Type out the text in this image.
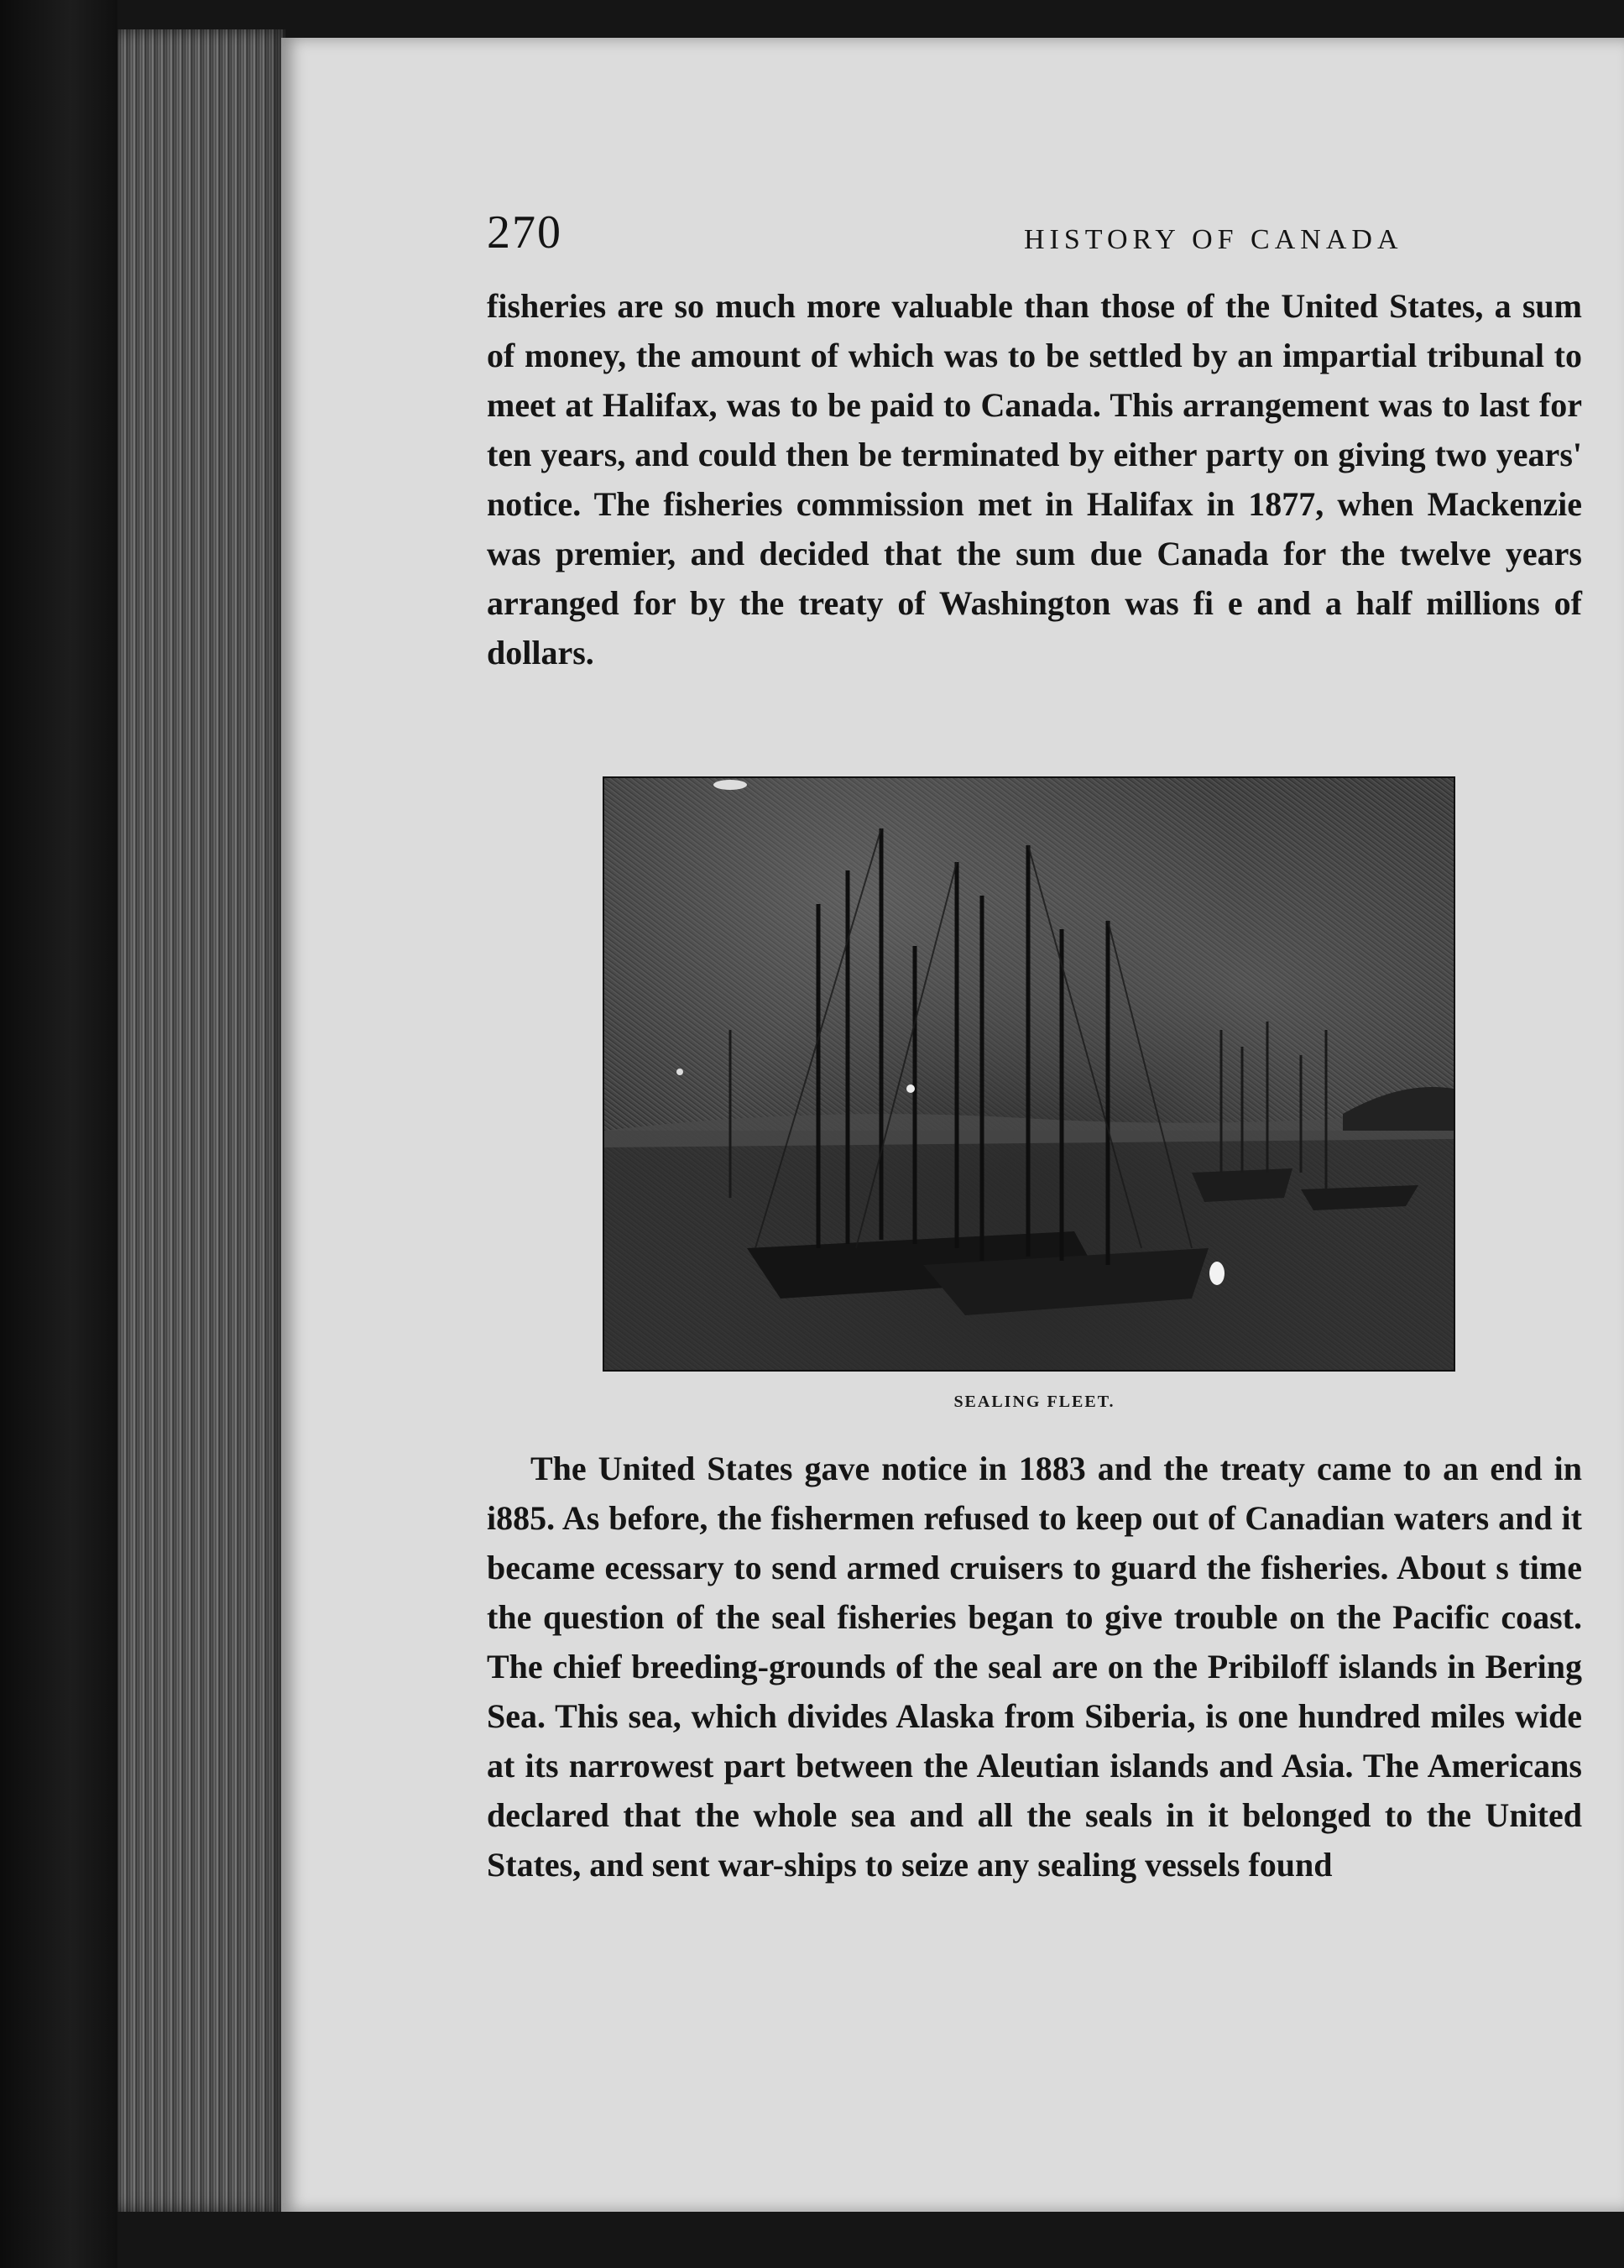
270	HISTORY OF CANADA

fisheries are so much more valuable than those of the United States, a sum of money, the amount of which was to be settled by an impartial tribunal to meet at Halifax, was to be paid to Canada. This arrangement was to last for ten years, and could then be terminated by either party on giving two years' notice. The fisheries commission met in Halifax in 1877, when Mackenzie was premier, and decided that the sum due Canada for the twelve years arranged for by the treaty of Washington was fi e and a half millions of dollars.

SEALING FLEET.

The United States gave notice in 1883 and the treaty came to an end in i885. As before, the fishermen refused to keep out of Canadian waters and it became ecessary to send armed cruisers to guard the fisheries. About s time the question of the seal fisheries began to give trouble on the Pacific coast. The chief breeding-grounds of the seal are on the Pribiloff islands in Bering Sea. This sea, which divides Alaska from Siberia, is one hundred miles wide at its narrowest part between the Aleutian islands and Asia. The Americans declared that the whole sea and all the seals in it belonged to the United States, and sent war-ships to seize any sealing vessels found
